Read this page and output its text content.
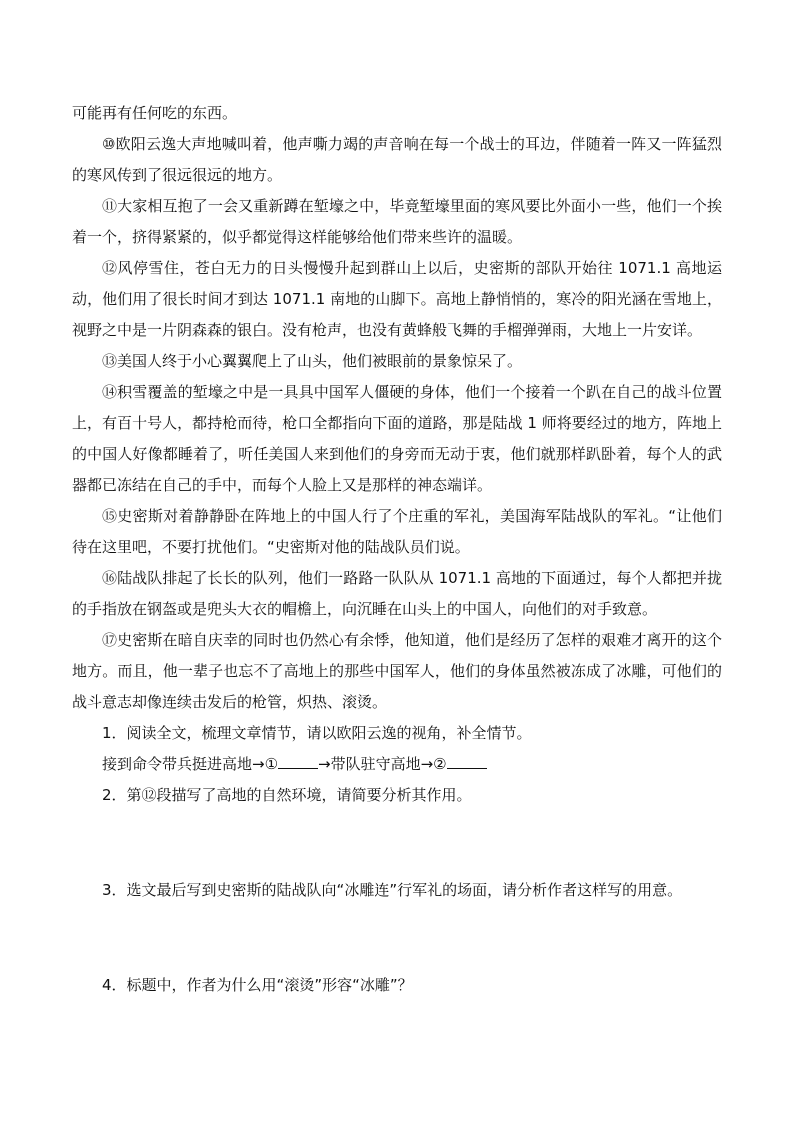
可能再有任何吃的东西。

⑩欧阳云逸大声地喊叫着，他声嘶力竭的声音响在每一个战士的耳边，伴随着一阵又一阵猛烈的寒风传到了很远很远的地方。

⑪大家相互抱了一会又重新蹲在堑壕之中，毕竟堑壕里面的寒风要比外面小一些，他们一个挨着一个，挤得紧紧的，似乎都觉得这样能够给他们带来些许的温暖。

⑫风停雪住，苍白无力的日头慢慢升起到群山上以后，史密斯的部队开始往 1071.1 高地运动，他们用了很长时间才到达 1071.1 南地的山脚下。高地上静悄悄的，寒冷的阳光涵在雪地上，视野之中是一片阴森森的银白。没有枪声，也没有黄蜂般飞舞的手榴弹弹雨，大地上一片安详。

⑬美国人终于小心翼翼爬上了山头，他们被眼前的景象惊呆了。

⑭积雪覆盖的堑壕之中是一具具中国军人僵硬的身体，他们一个接着一个趴在自己的战斗位置上，有百十号人，都持枪而待，枪口全都指向下面的道路，那是陆战 1 师将要经过的地方，阵地上的中国人好像都睡着了，听任美国人来到他们的身旁而无动于衷，他们就那样趴卧着，每个人的武器都已冻结在自己的手中，而每个人脸上又是那样的神态端详。

⑮史密斯对着静静卧在阵地上的中国人行了个庄重的军礼，美国海军陆战队的军礼。“让他们待在这里吧，不要打扰他们。“史密斯对他的陆战队员们说。

⑯陆战队排起了长长的队列，他们一路路一队队从 1071.1 高地的下面通过，每个人都把并拢的手指放在钢盔或是兜头大衣的帽檐上，向沉睡在山头上的中国人，向他们的对手致意。

⑰史密斯在暗自庆幸的同时也仍然心有余悸，他知道，他们是经历了怎样的艰难才离开的这个地方。而且，他一辈子也忘不了高地上的那些中国军人，他们的身体虽然被冻成了冰雕，可他们的战斗意志却像连续击发后的枪管，炽热、滚烫。

1．阅读全文，梳理文章情节，请以欧阳云逸的视角，补全情节。

接到命令带兵挺进高地→①	→带队驻守高地→②

2．第⑫段描写了高地的自然环境，请简要分析其作用。

3．选文最后写到史密斯的陆战队向“冰雕连”行军礼的场面，请分析作者这样写的用意。

4．标题中，作者为什么用“滚烫”形容“冰雕”？
